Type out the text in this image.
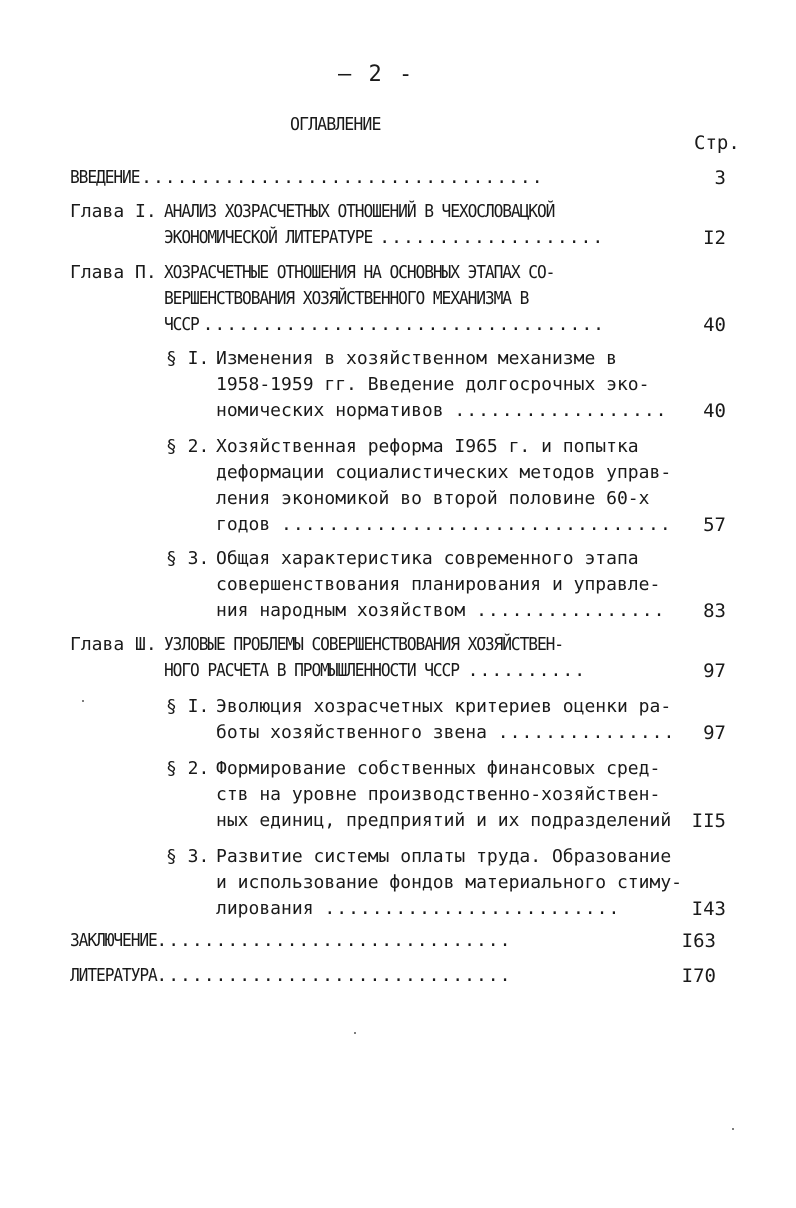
– 2 -
ОГЛАВЛЕНИЕ
Стр.
ВВЕДЕНИЕ..................................	3
Глава I. АНАЛИЗ ХОЗРАСЧЕТНЫХ ОТНОШЕНИЙ В ЧЕХОСЛОВАЦКОЙ
ЭКОНОМИЧЕСКОЙ ЛИТЕРАТУРЕ ...................	I2
Глава П. ХОЗРАСЧЕТНЫЕ ОТНОШЕНИЯ НА ОСНОВНЫХ ЭТАПАХ СО-
ВЕРШЕНСТВОВАНИЯ ХОЗЯЙСТВЕННОГО МЕХАНИЗМА В
ЧССР ..................................	40
§ I. Изменения в хозяйственном механизме в
1958-1959 гг. Введение долгосрочных эко-
номических нормативов ..................	40
§ 2. Хозяйственная реформа I965 г. и попытка
деформации социалистических методов управ-
ления экономикой во второй половине 60-х
годов .................................	57
§ 3. Общая характеристика современного этапа
совершенствования планирования и управле-
ния народным хозяйством ................	83
Глава Ш. УЗЛОВЫЕ ПРОБЛЕМЫ СОВЕРШЕНСТВОВАНИЯ ХОЗЯЙСТВЕН-
НОГО РАСЧЕТА В ПРОМЫШЛЕННОСТИ ЧССР ..........	97
§ I. Эволюция хозрасчетных критериев оценки ра-
боты хозяйственного звена ...............	97
§ 2. Формирование собственных финансовых сред-
ств на уровне производственно-хозяйствен-
ных единиц, предприятий и их подразделений	II5
§ 3. Развитие системы оплаты труда. Образование
и использование фондов материального стиму-
лирования .........................	I43
ЗАКЛЮЧЕНИЕ..............................	I63
ЛИТЕРАТУРА..............................	I70
